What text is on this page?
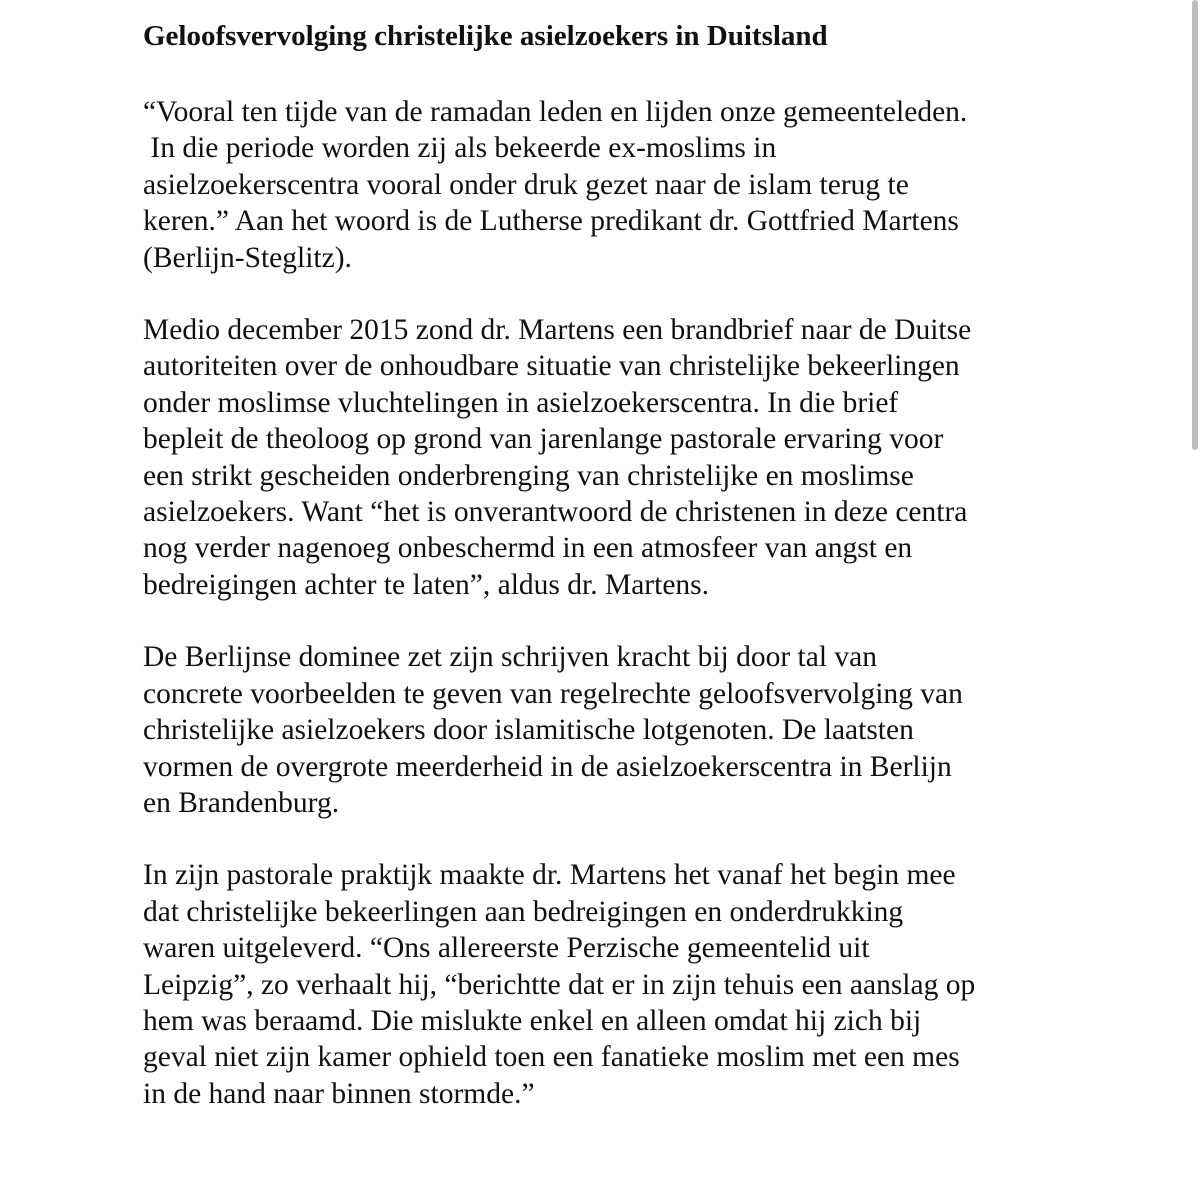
Geloofsvervolging christelijke asielzoekers in Duitsland
“Vooral ten tijde van de ramadan leden en lijden onze gemeenteleden.
In die periode worden zij als bekeerde ex-moslims in
asielzoekerscentra vooral onder druk gezet naar de islam terug te
keren.” Aan het woord is de Lutherse predikant dr. Gottfried Martens
(Berlijn-Steglitz).
Medio december 2015 zond dr. Martens een brandbrief naar de Duitse
autoriteiten over de onhoudbare situatie van christelijke bekeerlingen
onder moslimse vluchtelingen in asielzoekerscentra. In die brief
bepleit de theoloog op grond van jarenlange pastorale ervaring voor
een strikt gescheiden onderbrenging van christelijke en moslimse
asielzoekers. Want “het is onverantwoord de christenen in deze centra
nog verder nagenoeg onbeschermd in een atmosfeer van angst en
bedreigingen achter te laten”, aldus dr. Martens.
De Berlijnse dominee zet zijn schrijven kracht bij door tal van
concrete voorbeelden te geven van regelrechte geloofsvervolging van
christelijke asielzoekers door islamitische lotgenoten. De laatsten
vormen de overgrote meerderheid in de asielzoekerscentra in Berlijn
en Brandenburg.
In zijn pastorale praktijk maakte dr. Martens het vanaf het begin mee
dat christelijke bekeerlingen aan bedreigingen en onderdrukking
waren uitgeleverd. “Ons allereerste Perzische gemeentelid uit
Leipzig”, zo verhaalt hij, “berichtte dat er in zijn tehuis een aanslag op
hem was beraamd. Die mislukte enkel en alleen omdat hij zich bij
geval niet zijn kamer ophield toen een fanatieke moslim met een mes
in de hand naar binnen stormde.”
